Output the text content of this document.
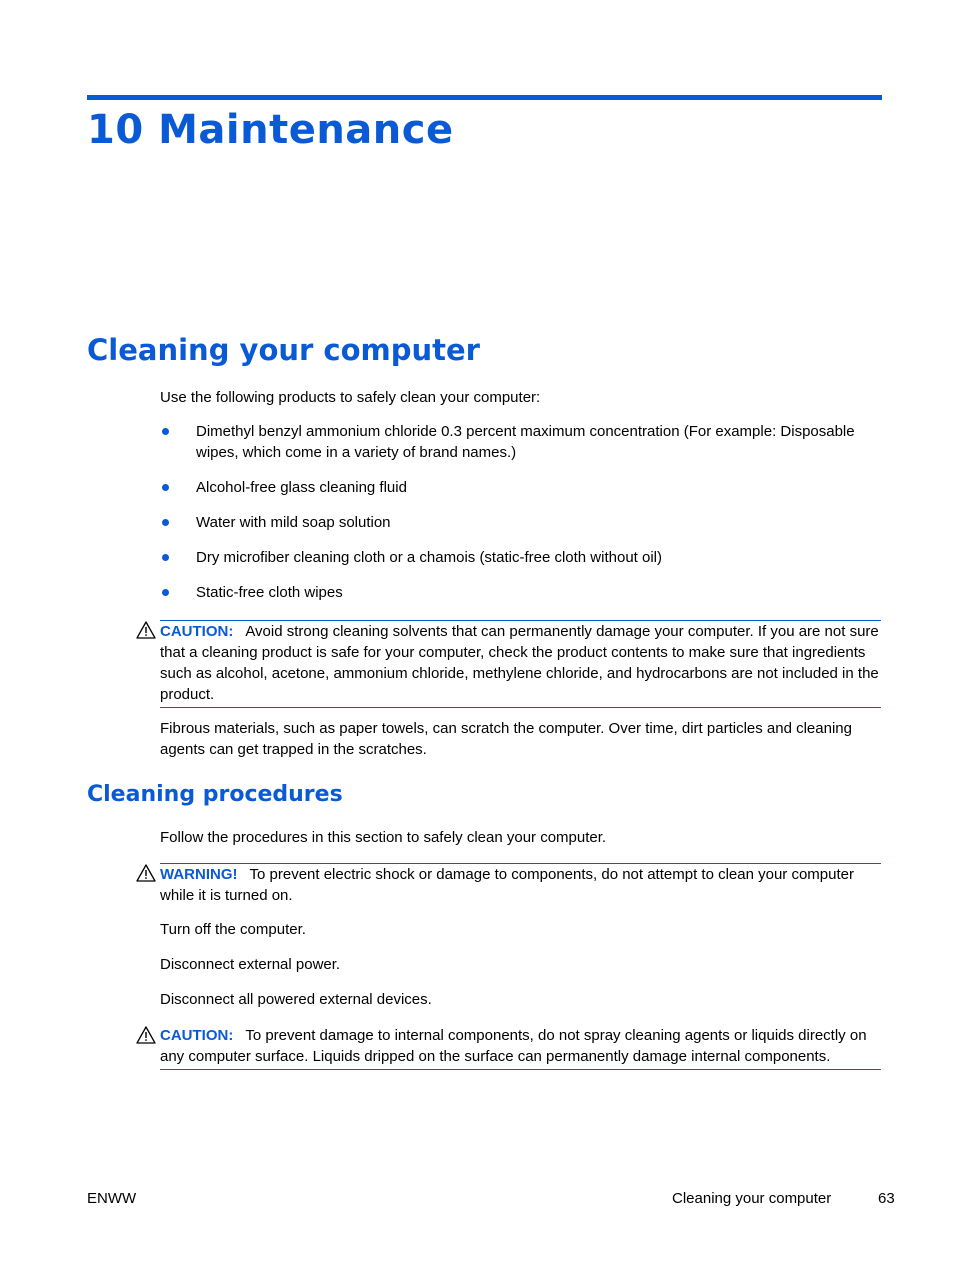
10 Maintenance
Cleaning your computer

Use the following products to safely clean your computer:

Dimethyl benzyl ammonium chloride 0.3 percent maximum concentration (For example: Disposable wipes, which come in a variety of brand names.)
Alcohol-free glass cleaning fluid
Water with mild soap solution
Dry microfiber cleaning cloth or a chamois (static-free cloth without oil)
Static-free cloth wipes
CAUTION: Avoid strong cleaning solvents that can permanently damage your computer. If you are not sure that a cleaning product is safe for your computer, check the product contents to make sure that ingredients such as alcohol, acetone, ammonium chloride, methylene chloride, and hydrocarbons are not included in the product.

Fibrous materials, such as paper towels, can scratch the computer. Over time, dirt particles and cleaning agents can get trapped in the scratches.

Cleaning procedures

Follow the procedures in this section to safely clean your computer.

WARNING! To prevent electric shock or damage to components, do not attempt to clean your computer while it is turned on.

Turn off the computer.

Disconnect external power.

Disconnect all powered external devices.

CAUTION: To prevent damage to internal components, do not spray cleaning agents or liquids directly on any computer surface. Liquids dripped on the surface can permanently damage internal components.
ENWW	Cleaning your computer	63
